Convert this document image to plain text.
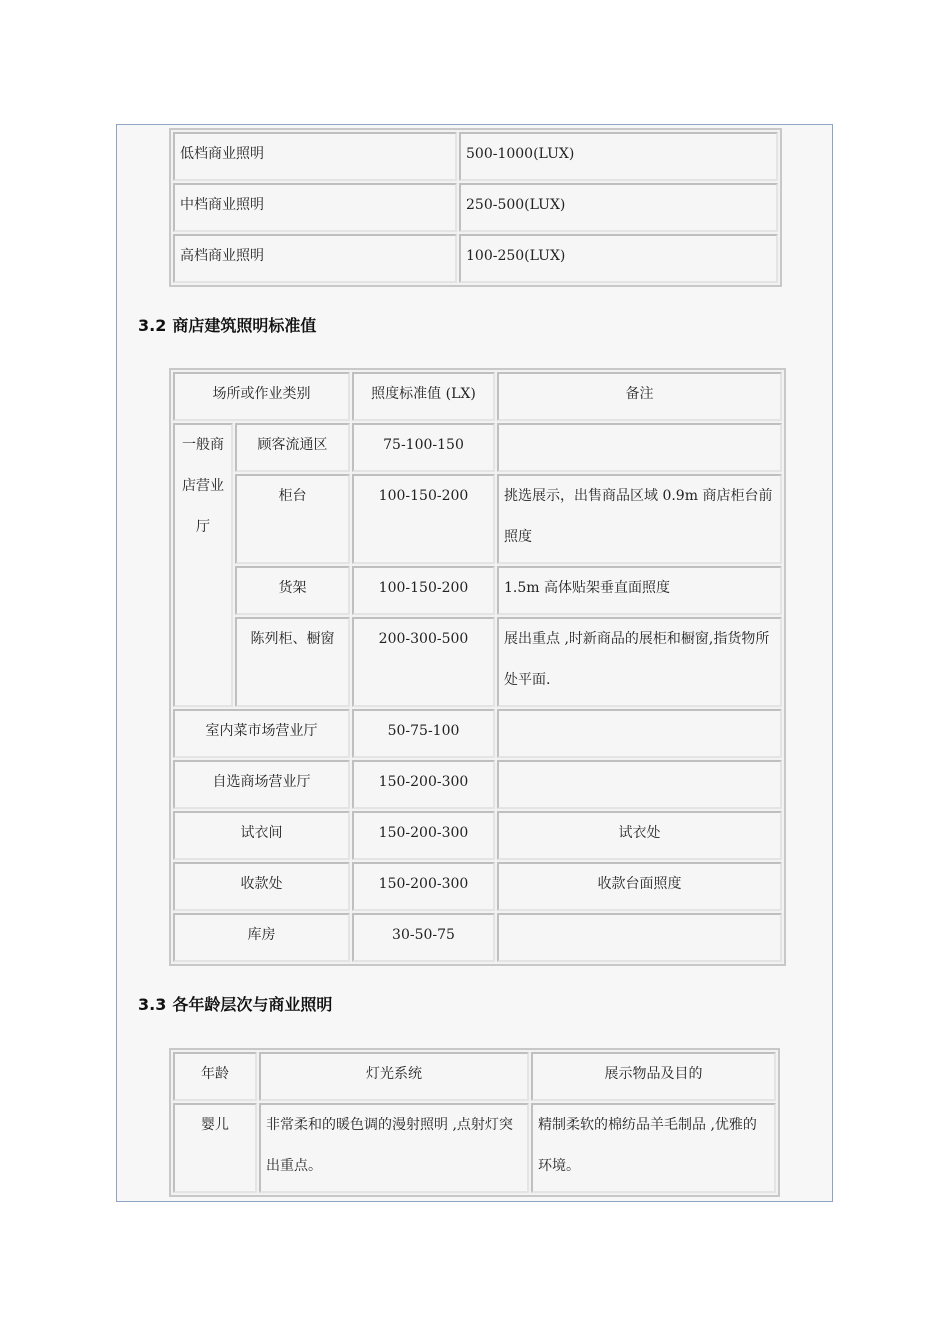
低档商业照明	500-1000(LUX)
中档商业照明	250-500(LUX)
高档商业照明	100-250(LUX)
3.2 商店建筑照明标准值
场所或作业类别		照度标准值 (LX)	备注
一般商店营业厅	顾客流通区	75-100-150	
	柜台	100-150-200	挑选展示，出售商品区域 0.9m 商店柜台前照度
	货架	100-150-200	1.5m 高体贴架垂直面照度
	陈列柜、橱窗	200-300-500	展出重点 ,时新商品的展柜和橱窗,指货物所处平面.
室内菜市场营业厅		50-75-100	
自选商场营业厅		150-200-300	
试衣间		150-200-300	试衣处
收款处		150-200-300	收款台面照度
库房		30-50-75	
3.3 各年龄层次与商业照明
年龄	灯光系统	展示物品及目的
婴儿	非常柔和的暖色调的漫射照明 ,点射灯突出重点。	精制柔软的棉纺品羊毛制品 ,优雅的环境。
